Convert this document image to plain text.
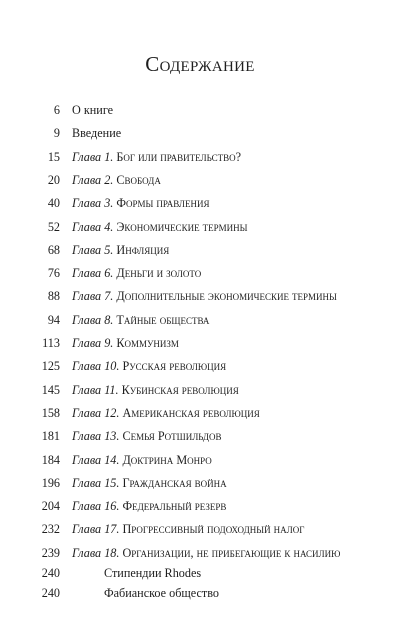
Содержание
6 О книге
9 Введение
15 Глава 1. Бог или правительство?
20 Глава 2. Свобода
40 Глава 3. Формы правления
52 Глава 4. Экономические термины
68 Глава 5. Инфляция
76 Глава 6. Деньги и золото
88 Глава 7. Дополнительные экономические термины
94 Глава 8. Тайные общества
113 Глава 9. Коммунизм
125 Глава 10. Русская революция
145 Глава 11. Кубинская революция
158 Глава 12. Американская революция
181 Глава 13. Семья Ротшильдов
184 Глава 14. Доктрина Монро
196 Глава 15. Гражданская война
204 Глава 16. Федеральный резерв
232 Глава 17. Прогрессивный подоходный налог
239 Глава 18. Организации, не прибегающие к насилию
240	Стипендии Rhodes
240	Фабианское общество
